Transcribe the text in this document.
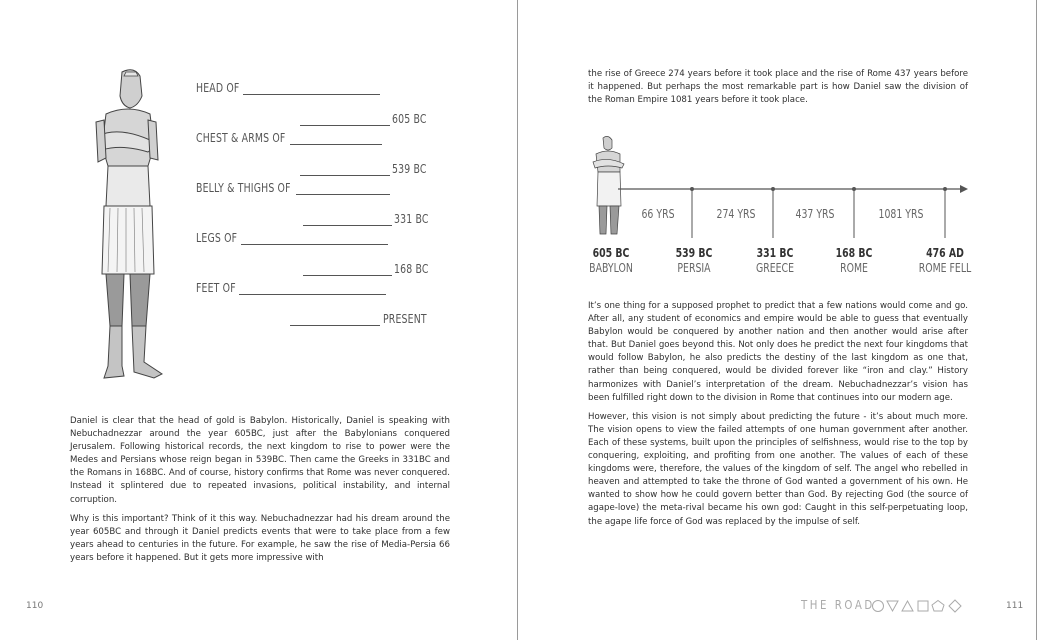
HEAD OF
605 BC
CHEST & ARMS OF
539 BC
BELLY & THIGHS OF
331 BC
LEGS OF
168 BC
FEET OF
PRESENT

Daniel is clear that the head of gold is Babylon. Historically, Daniel is speaking with Nebuchadnezzar around the year 605BC, just after the Babylonians conquered Jerusalem. Following historical records, the next kingdom to rise to power were the Medes and Persians whose reign began in 539BC. Then came the Greeks in 331BC and the Romans in 168BC. And of course, history confirms that Rome was never conquered. Instead it splintered due to repeated invasions, political instability, and internal corruption.

Why is this important? Think of it this way. Nebuchadnezzar had his dream around the year 605BC and through it Daniel predicts events that were to take place from a few years ahead to centuries in the future. For example, he saw the rise of Media-Persia 66 years before it happened. But it gets more impressive with

110

the rise of Greece 274 years before it took place and the rise of Rome 437 years before it happened. But perhaps the most remarkable part is how Daniel saw the division of the Roman Empire 1081 years before it took place.

It’s one thing for a supposed prophet to predict that a few nations would come and go. After all, any student of economics and empire would be able to guess that eventually Babylon would be conquered by another nation and then another would arise after that. But Daniel goes beyond this. Not only does he predict the next four kingdoms that would follow Babylon, he also predicts the destiny of the last kingdom as one that, rather than being conquered, would be divided forever like “iron and clay.” History harmonizes with Daniel’s interpretation of the dream. Nebuchadnezzar’s vision has been fulfilled right down to the division in Rome that continues into our modern age.

However, this vision is not simply about predicting the future - it’s about much more. The vision opens to view the failed attempts of one human government after another. Each of these systems, built upon the principles of selfishness, would rise to the top by conquering, exploiting, and profiting from one another. The values of each of these kingdoms were, therefore, the values of the kingdom of self. The angel who rebelled in heaven and attempted to take the throne of God wanted a government of his own. He wanted to show how he could govern better than God. By rejecting God (the source of agape-love) the meta-rival became his own god: Caught in this self-perpetuating loop, the agape life force of God was replaced by the impulse of self.

THE ROAD	111
66 YRS	274 YRS	437 YRS	1081 YRS
605 BC
BABYLON
539 BC
PERSIA
331 BC
GREECE
168 BC
ROME
476 AD
ROME FELL
